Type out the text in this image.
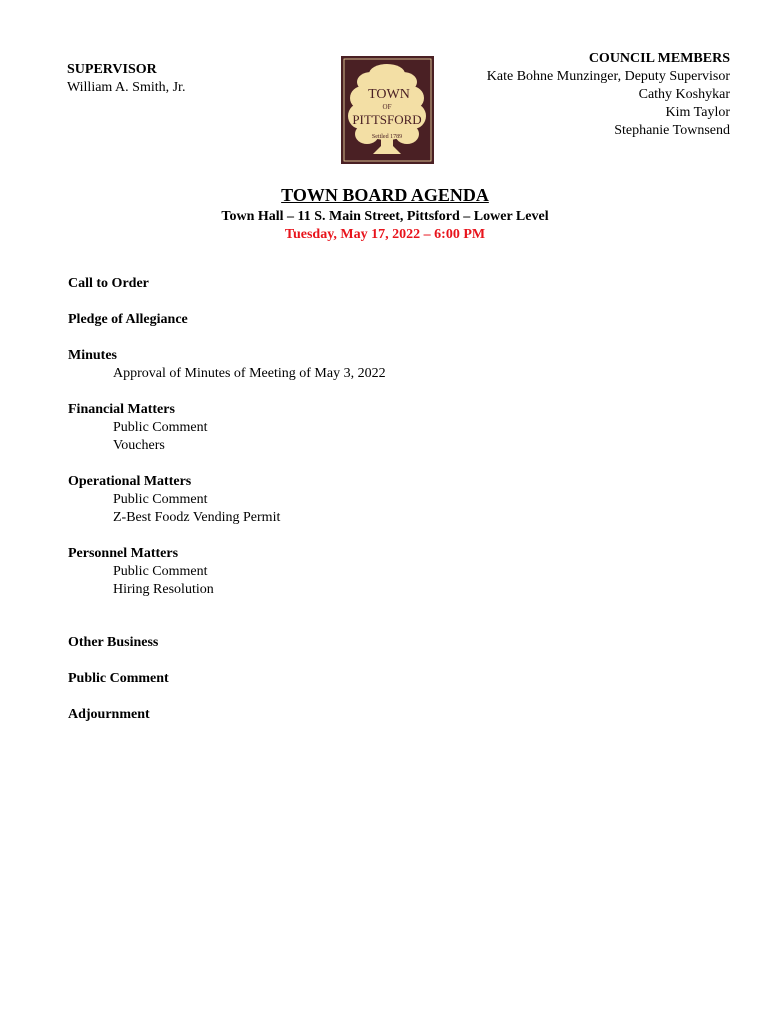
SUPERVISOR
William A. Smith, Jr.	TOWN
OF
PITTSFORD
Settled 1789
COUNCIL MEMBERS
Kate Bohne Munzinger, Deputy Supervisor
Cathy Koshykar
Kim Taylor
Stephanie Townsend
TOWN BOARD AGENDA
Town Hall – 11 S. Main Street, Pittsford – Lower Level
Tuesday, May 17, 2022 – 6:00 PM
Call to Order
Pledge of Allegiance
Minutes
Approval of Minutes of Meeting of May 3, 2022
Financial Matters
Public Comment
Vouchers
Operational Matters
Public Comment
Z-Best Foodz Vending Permit
Personnel Matters
Public Comment
Hiring Resolution
Other Business
Public Comment
Adjournment
